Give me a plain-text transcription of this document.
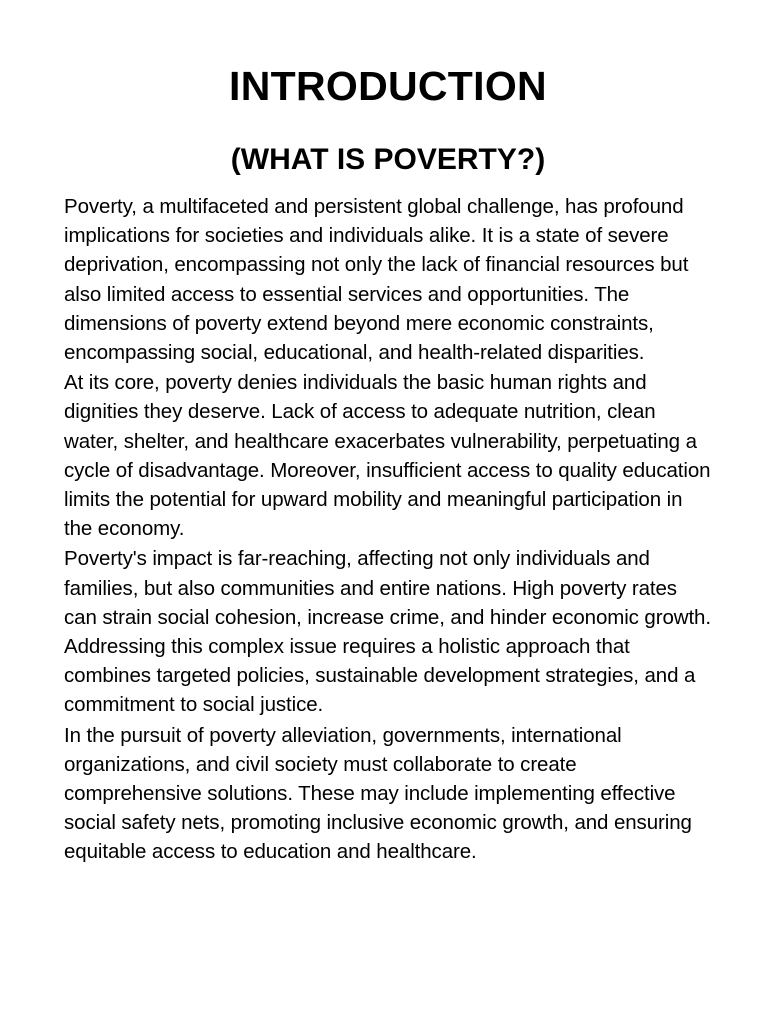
INTRODUCTION
(WHAT IS POVERTY?)

Poverty, a multifaceted and persistent global challenge, has profound implications for societies and individuals alike. It is a state of severe deprivation, encompassing not only the lack of financial resources but also limited access to essential services and opportunities. The dimensions of poverty extend beyond mere economic constraints, encompassing social, educational, and health-related disparities.

At its core, poverty denies individuals the basic human rights and dignities they deserve. Lack of access to adequate nutrition, clean water, shelter, and healthcare exacerbates vulnerability, perpetuating a cycle of disadvantage. Moreover, insufficient access to quality education limits the potential for upward mobility and meaningful participation in the economy.

Poverty's impact is far-reaching, affecting not only individuals and families, but also communities and entire nations. High poverty rates can strain social cohesion, increase crime, and hinder economic growth. Addressing this complex issue requires a holistic approach that combines targeted policies, sustainable development strategies, and a commitment to social justice.

In the pursuit of poverty alleviation, governments, international organizations, and civil society must collaborate to create comprehensive solutions. These may include implementing effective social safety nets, promoting inclusive economic growth, and ensuring equitable access to education and healthcare.
